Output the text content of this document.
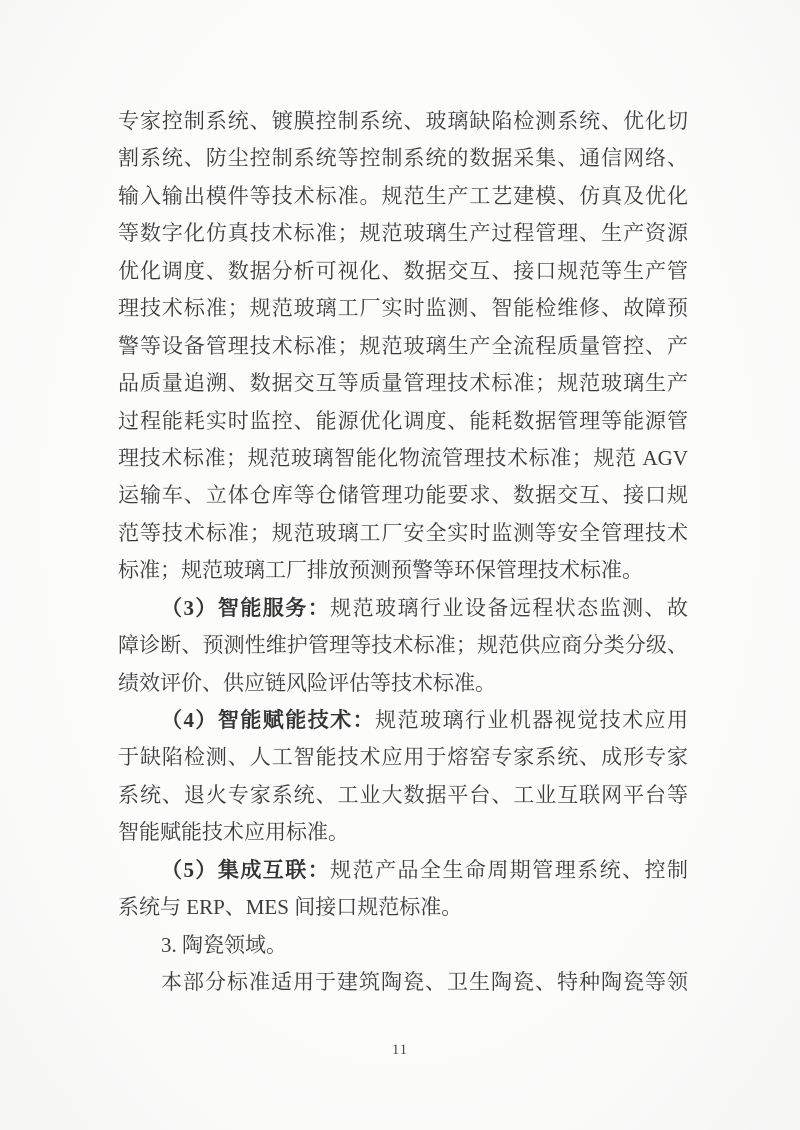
专家控制系统、镀膜控制系统、玻璃缺陷检测系统、优化切
割系统、防尘控制系统等控制系统的数据采集、通信网络、
输入输出模件等技术标准。规范生产工艺建模、仿真及优化
等数字化仿真技术标准；规范玻璃生产过程管理、生产资源
优化调度、数据分析可视化、数据交互、接口规范等生产管
理技术标准；规范玻璃工厂实时监测、智能检维修、故障预
警等设备管理技术标准；规范玻璃生产全流程质量管控、产
品质量追溯、数据交互等质量管理技术标准；规范玻璃生产
过程能耗实时监控、能源优化调度、能耗数据管理等能源管
理技术标准；规范玻璃智能化物流管理技术标准；规范 AGV
运输车、立体仓库等仓储管理功能要求、数据交互、接口规
范等技术标准；规范玻璃工厂安全实时监测等安全管理技术
标准；规范玻璃工厂排放预测预警等环保管理技术标准。
（3）智能服务：规范玻璃行业设备远程状态监测、故
障诊断、预测性维护管理等技术标准；规范供应商分类分级、
绩效评价、供应链风险评估等技术标准。
（4）智能赋能技术：规范玻璃行业机器视觉技术应用
于缺陷检测、人工智能技术应用于熔窑专家系统、成形专家
系统、退火专家系统、工业大数据平台、工业互联网平台等
智能赋能技术应用标准。
（5）集成互联：规范产品全生命周期管理系统、控制
系统与 ERP、MES 间接口规范标准。
3. 陶瓷领域。
本部分标准适用于建筑陶瓷、卫生陶瓷、特种陶瓷等领
11
